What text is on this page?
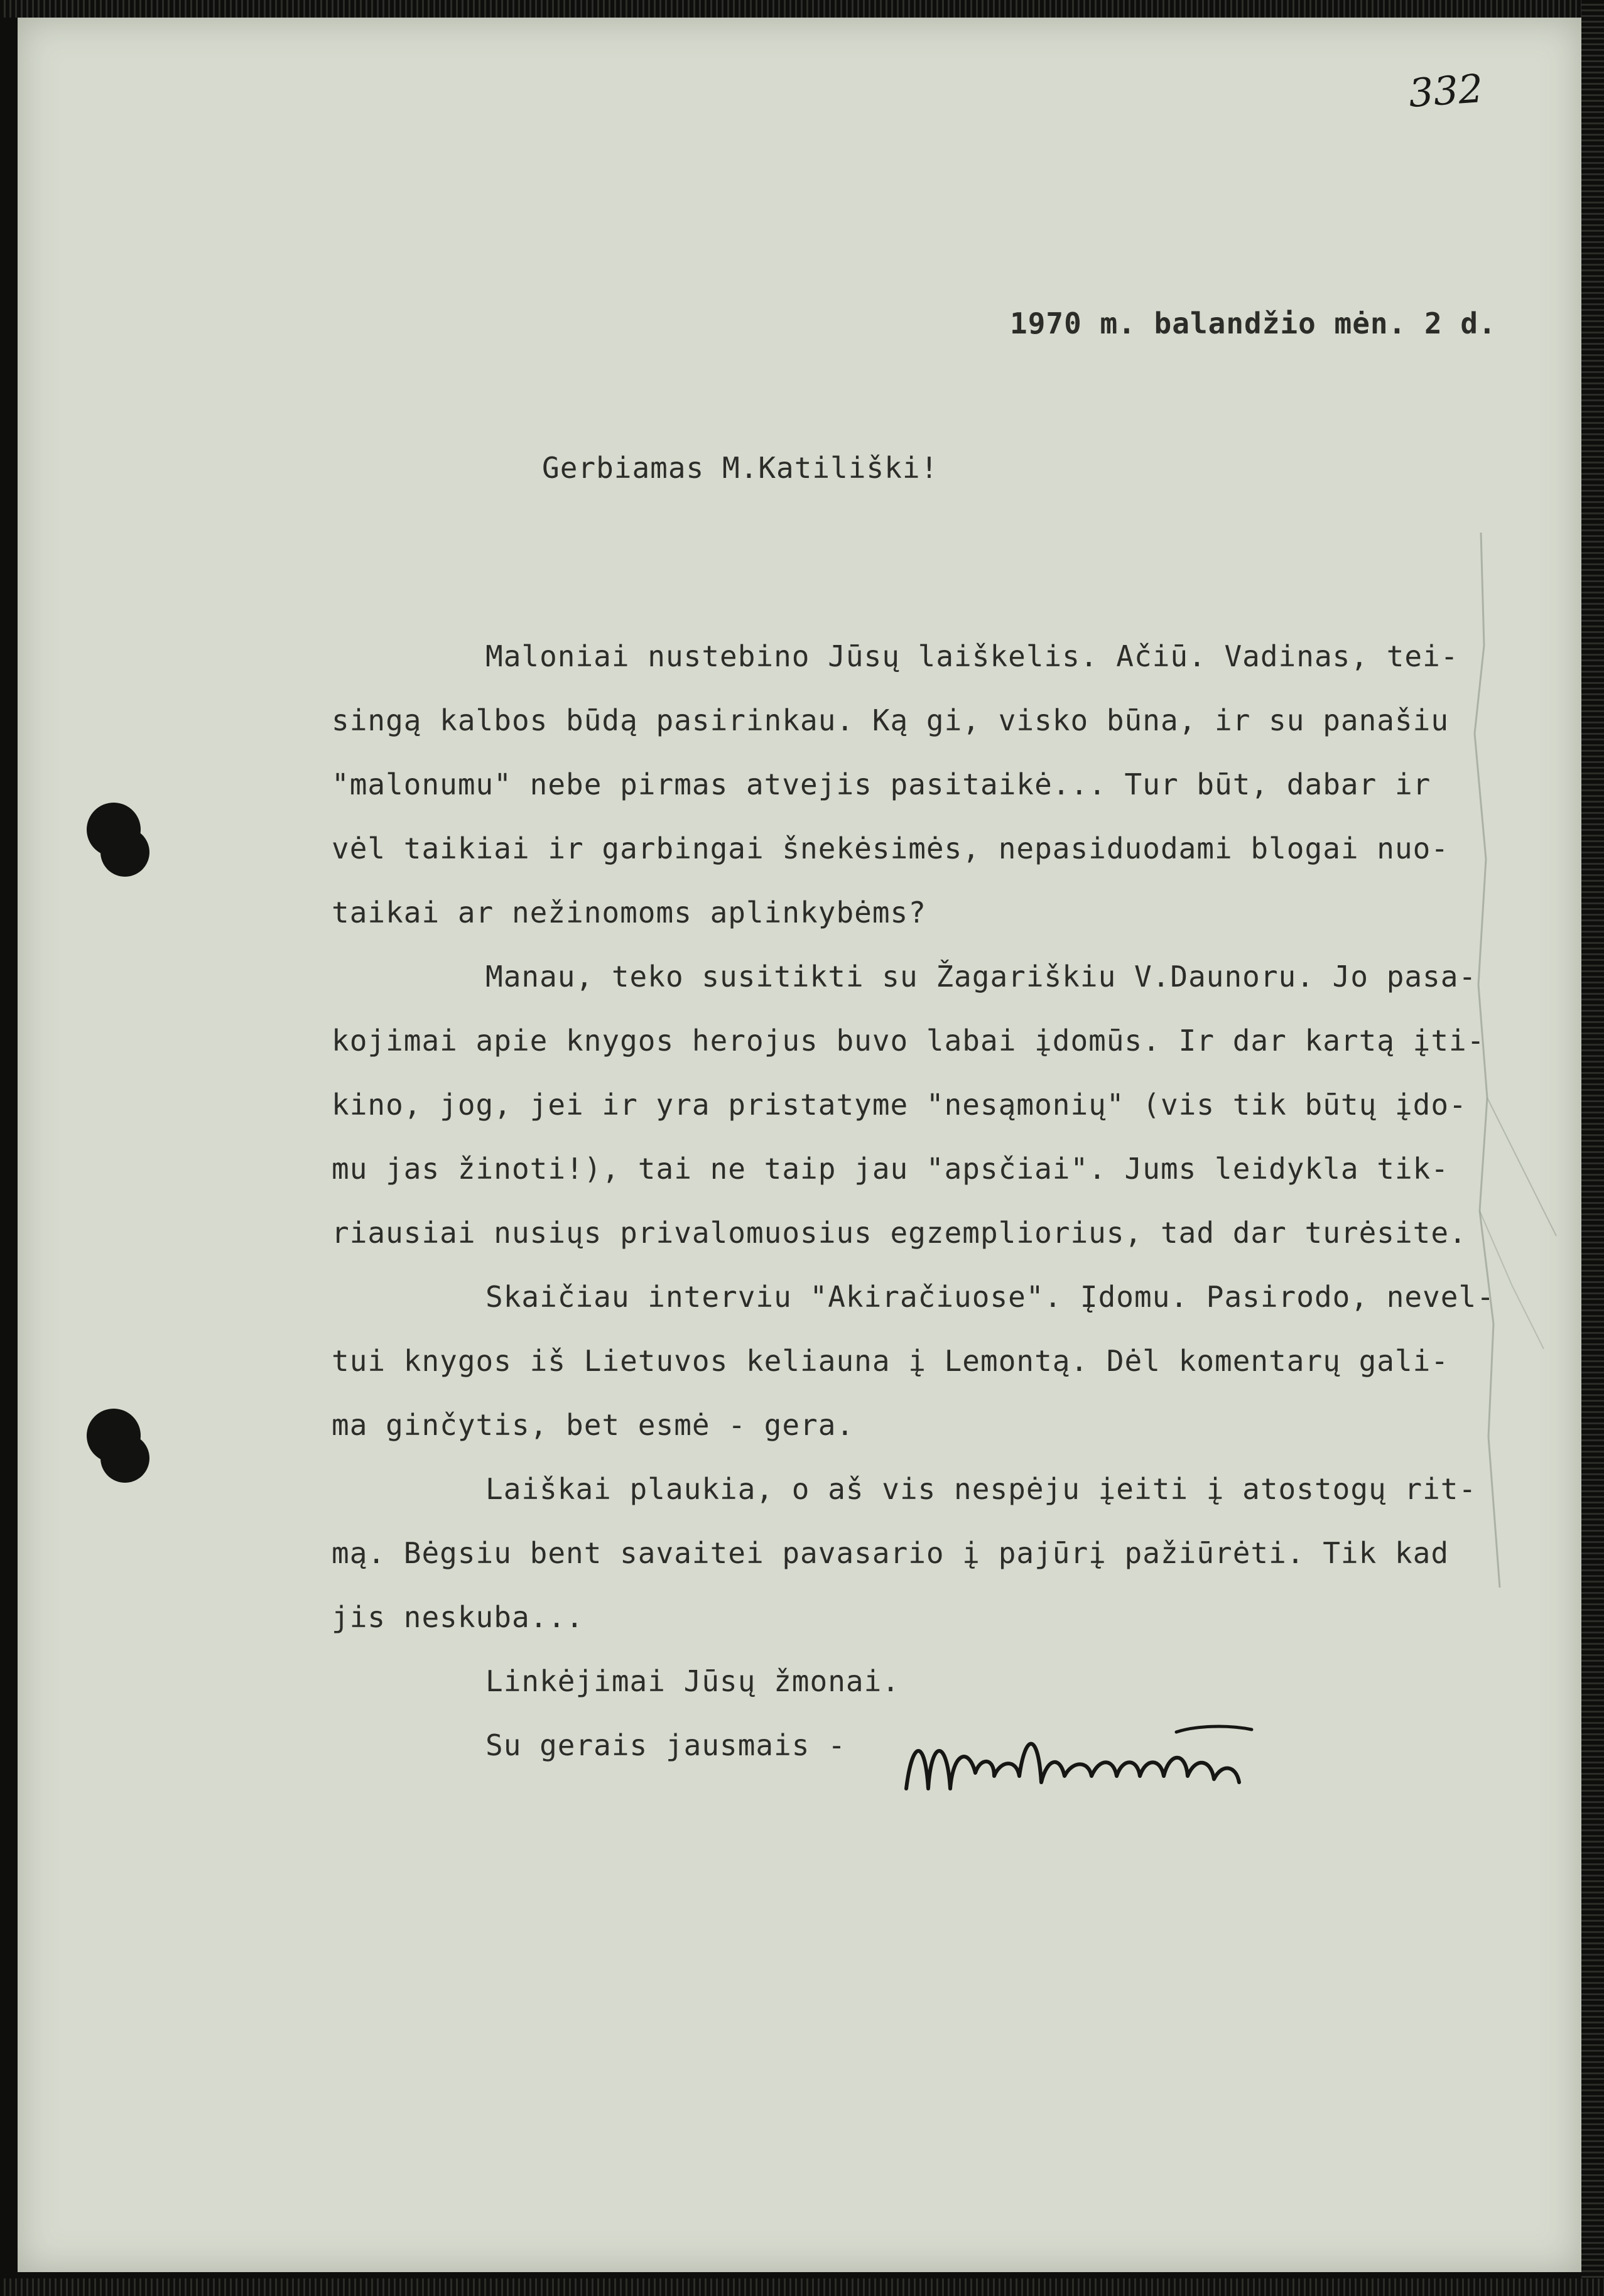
332
1970 m. balandžio mėn. 2 d.
Gerbiamas M.Katiliški!
Maloniai nustebino Jūsų laiškelis. Ačiū. Vadinas, tei-
singą kalbos būdą pasirinkau. Ką gi, visko būna, ir su panašiu
"malonumu" nebe pirmas atvejis pasitaikė... Tur būt, dabar ir
vėl taikiai ir garbingai šnekėsimės, nepasiduodami blogai nuo-
taikai ar nežinomoms aplinkybėms?
Manau, teko susitikti su Žagariškiu V.Daunoru. Jo pasa-
kojimai apie knygos herojus buvo labai įdomūs. Ir dar kartą įti-
kino, jog, jei ir yra pristatyme "nesąmonių" (vis tik būtų įdo-
mu jas žinoti!), tai ne taip jau "apsčiai". Jums leidykla tik-
riausiai nusiųs privalomuosius egzempliorius, tad dar turėsite.
Skaičiau interviu "Akiračiuose". Įdomu. Pasirodo, nevel-
tui knygos iš Lietuvos keliauna į Lemontą. Dėl komentarų gali-
ma ginčytis, bet esmė - gera.
Laiškai plaukia, o aš vis nespėju įeiti į atostogų rit-
mą. Bėgsiu bent savaitei pavasario į pajūrį pažiūrėti. Tik kad
jis neskuba...
Linkėjimai Jūsų žmonai.
Su gerais jausmais -
